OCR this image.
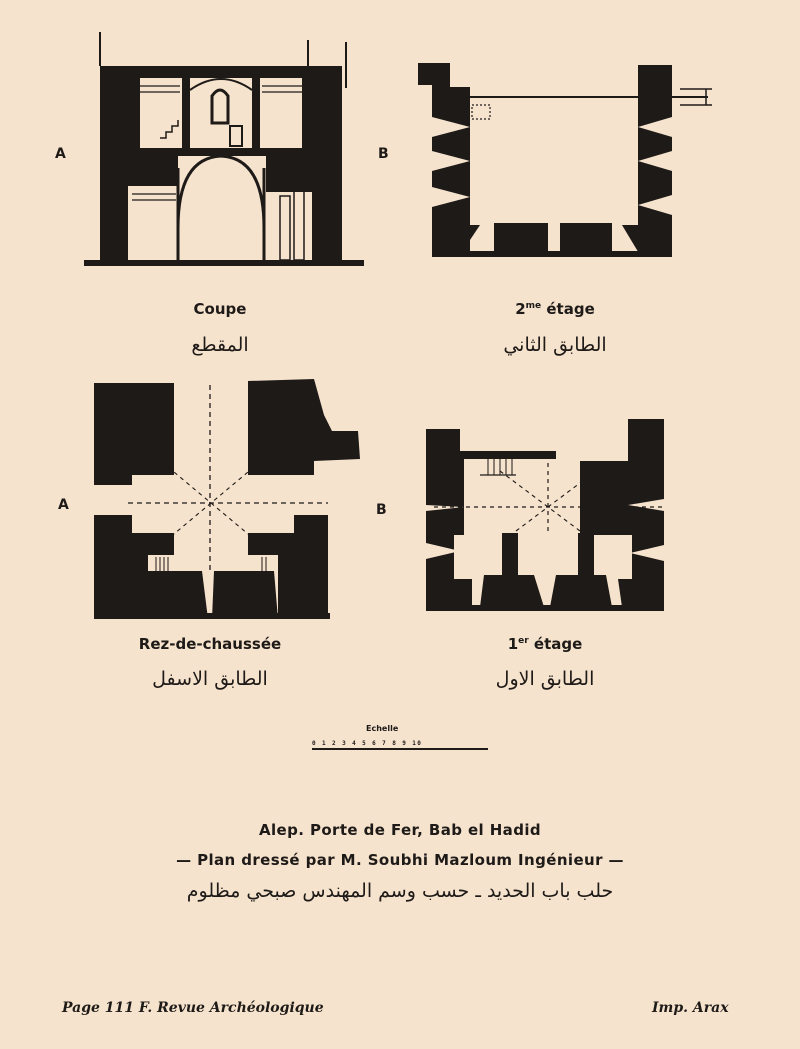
A
Coupe
المقطع
B
$2^{me}$ étage
الطابق الثاني
A
Rez-de-chaussée
الطابق الاسفل
B
1er étage
الطابق الاول
Echelle
0 1 2 3 4 5 6 7 8 9 10
Alep. Porte de Fer, Bab el Hadid
— Plan dressé par M. Soubhi Mazloum Ingénieur —
حلب باب الحديد ـ حسب وسم المهندس صبحي مظلوم
Page 111 F. Revue Archéologique	Imp. Arax
